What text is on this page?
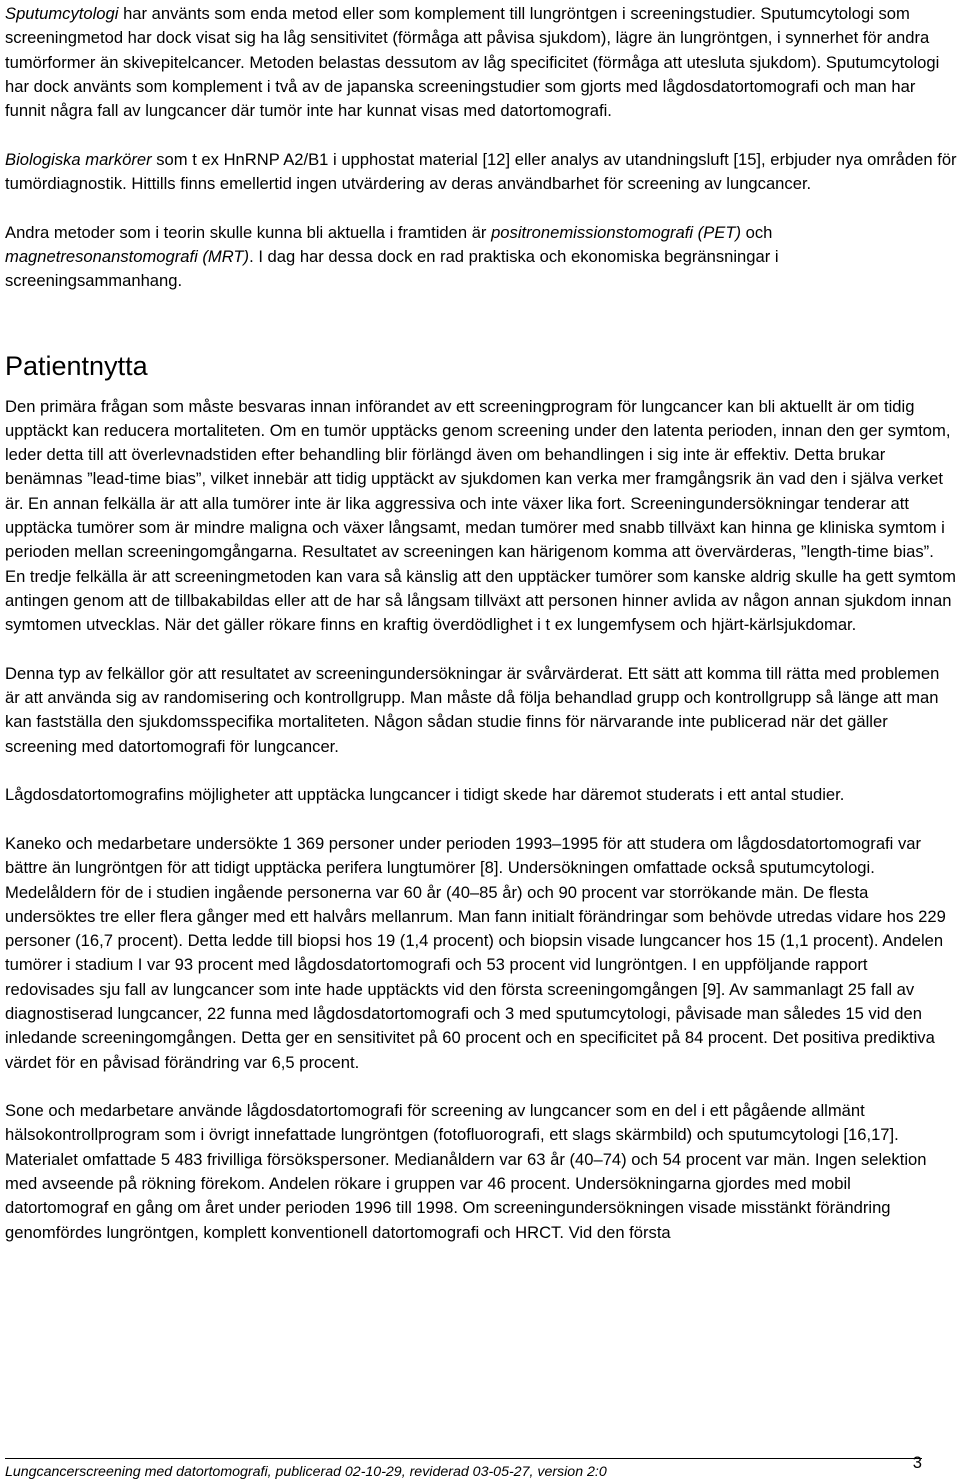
Sputumcytologi har använts som enda metod eller som komplement till lungröntgen i screeningstudier. Sputumcytologi som screeningmetod har dock visat sig ha låg sensitivitet (förmåga att påvisa sjukdom), lägre än lungröntgen, i synnerhet för andra tumörformer än skivepitelcancer. Metoden belastas dessutom av låg specificitet (förmåga att utesluta sjukdom). Sputumcytologi har dock använts som komplement i två av de japanska screeningstudier som gjorts med lågdosdatortomografi och man har funnit några fall av lungcancer där tumör inte har kunnat visas med datortomografi.

Biologiska markörer som t ex HnRNP A2/B1 i upphostat material [12] eller analys av utandningsluft [15], erbjuder nya områden för tumördiagnostik. Hittills finns emellertid ingen utvärdering av deras användbarhet för screening av lungcancer.

Andra metoder som i teorin skulle kunna bli aktuella i framtiden är positronemissionstomografi (PET) och magnetresonanstomografi (MRT). I dag har dessa dock en rad praktiska och ekonomiska begränsningar i screeningsammanhang.

Patientnytta

Den primära frågan som måste besvaras innan införandet av ett screeningprogram för lungcancer kan bli aktuellt är om tidig upptäckt kan reducera mortaliteten. Om en tumör upptäcks genom screening under den latenta perioden, innan den ger symtom, leder detta till att överlevnadstiden efter behandling blir förlängd även om behandlingen i sig inte är effektiv. Detta brukar benämnas ”lead-time bias”, vilket innebär att tidig upptäckt av sjukdomen kan verka mer framgångsrik än vad den i själva verket är. En annan felkälla är att alla tumörer inte är lika aggressiva och inte växer lika fort. Screeningundersökningar tenderar att upptäcka tumörer som är mindre maligna och växer långsamt, medan tumörer med snabb tillväxt kan hinna ge kliniska symtom i perioden mellan screeningomgångarna. Resultatet av screeningen kan härigenom komma att övervärderas, ”length-time bias”. En tredje felkälla är att screeningmetoden kan vara så känslig att den upptäcker tumörer som kanske aldrig skulle ha gett symtom antingen genom att de tillbakabildas eller att de har så långsam tillväxt att personen hinner avlida av någon annan sjukdom innan symtomen utvecklas. När det gäller rökare finns en kraftig överdödlighet i t ex lungemfysem och hjärt-kärlsjukdomar.

Denna typ av felkällor gör att resultatet av screeningundersökningar är svårvärderat. Ett sätt att komma till rätta med problemen är att använda sig av randomisering och kontrollgrupp. Man måste då följa behandlad grupp och kontrollgrupp så länge att man kan fastställa den sjukdomsspecifika mortaliteten. Någon sådan studie finns för närvarande inte publicerad när det gäller screening med datortomografi för lungcancer.

Lågdosdatortomografins möjligheter att upptäcka lungcancer i tidigt skede har däremot studerats i ett antal studier.

Kaneko och medarbetare undersökte 1 369 personer under perioden 1993–1995 för att studera om lågdosdatortomografi var bättre än lungröntgen för att tidigt upptäcka perifera lungtumörer [8]. Undersökningen omfattade också sputumcytologi. Medelåldern för de i studien ingående personerna var 60 år (40–85 år) och 90 procent var storrökande män. De flesta undersöktes tre eller flera gånger med ett halvårs mellanrum. Man fann initialt förändringar som behövde utredas vidare hos 229 personer (16,7 procent). Detta ledde till biopsi hos 19 (1,4 procent) och biopsin visade lungcancer hos 15 (1,1 procent). Andelen tumörer i stadium I var 93 procent med lågdosdatortomografi och 53 procent vid lungröntgen. I en uppföljande rapport redovisades sju fall av lungcancer som inte hade upptäckts vid den första screeningomgången [9]. Av sammanlagt 25 fall av diagnostiserad lungcancer, 22 funna med lågdosdatortomografi och 3 med sputumcytologi, påvisade man således 15 vid den inledande screeningomgången. Detta ger en sensitivitet på 60 procent och en specificitet på 84 procent. Det positiva prediktiva värdet för en påvisad förändring var 6,5 procent.

Sone och medarbetare använde lågdosdatortomografi för screening av lungcancer som en del i ett pågående allmänt hälsokontrollprogram som i övrigt innefattade lungröntgen (fotofluorografi, ett slags skärmbild) och sputumcytologi [16,17]. Materialet omfattade 5 483 frivilliga försökspersoner. Medianåldern var 63 år (40–74) och 54 procent var män. Ingen selektion med avseende på rökning förekom. Andelen rökare i gruppen var 46 procent. Undersökningarna gjordes med mobil datortomograf en gång om året under perioden 1996 till 1998. Om screeningundersökningen visade misstänkt förändring genomfördes lungröntgen, komplett konventionell datortomografi och HRCT. Vid den första

Lungcancerscreening med datortomografi, publicerad 02-10-29, reviderad 03-05-27, version 2:0	3
